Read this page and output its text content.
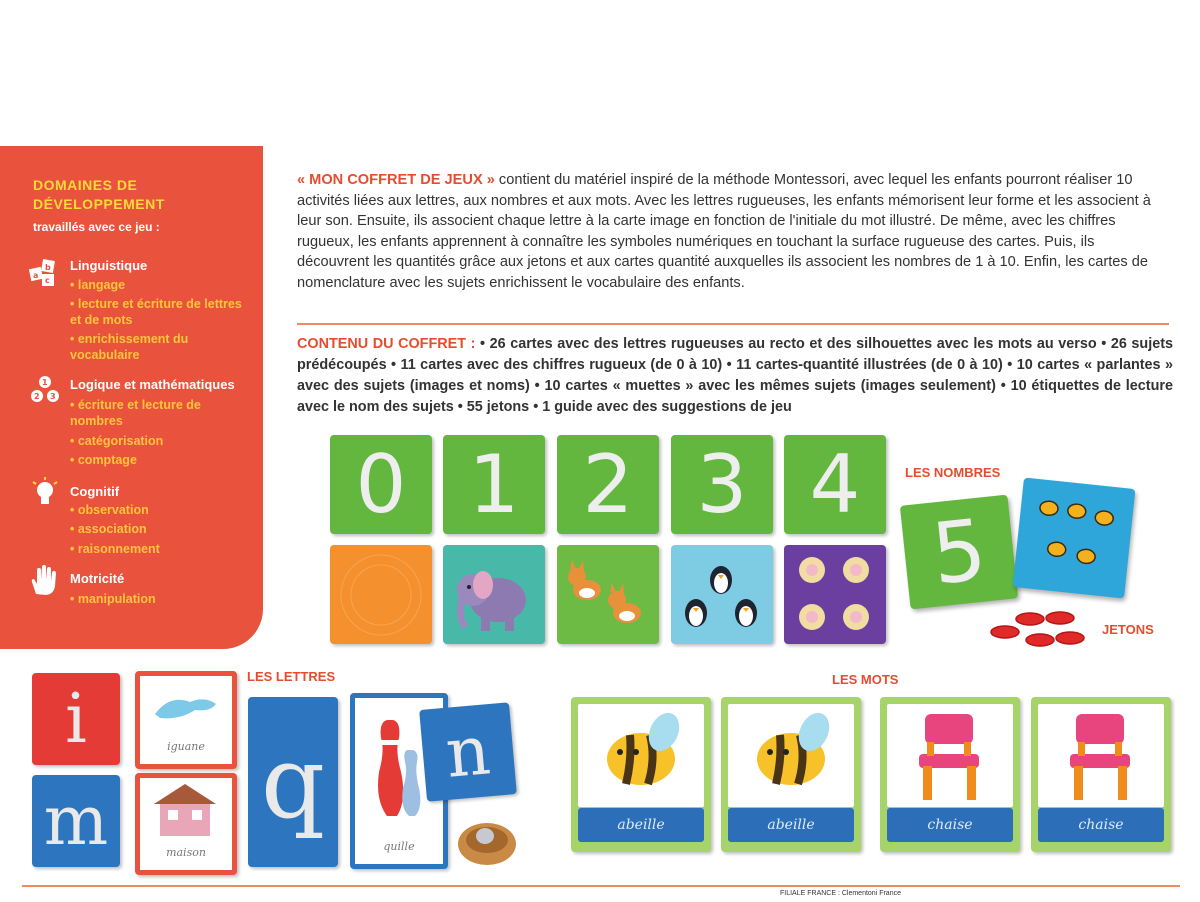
DOMAINES DE
DÉVELOPPEMENT
travaillés avec ce jeu :
a
b
c
Linguistique
• langage
• lecture et écriture de lettres et de mots
• enrichissement du vocabulaire
1
2 3
Logique et mathématiques
• écriture et lecture de nombres
• catégorisation
• comptage
Cognitif
• observation
• association
• raisonnement
Motricité
• manipulation
« MON COFFRET DE JEUX » contient du matériel inspiré de la méthode Montessori, avec lequel les enfants pourront réaliser 10 activités liées aux lettres, aux nombres et aux mots. Avec les lettres rugueuses, les enfants mémorisent leur forme et les associent à leur son. Ensuite, ils associent chaque lettre à la carte image en fonction de l'initiale du mot illustré. De même, avec les chiffres rugueux, les enfants apprennent à connaître les symboles numériques en touchant la surface rugueuse des cartes. Puis, ils découvrent les quantités grâce aux jetons et aux cartes quantité auxquelles ils associent les nombres de 1 à 10. Enfin, les cartes de nomenclature avec les sujets enrichissent le vocabulaire des enfants.
CONTENU DU COFFRET : • 26 cartes avec des lettres rugueuses au recto et des silhouettes avec les mots au verso • 26 sujets prédécoupés • 11 cartes avec des chiffres rugueux (de 0 à 10) • 11 cartes-quantité illustrées (de 0 à 10) • 10 cartes « parlantes » avec des sujets (images et noms) • 10 cartes « muettes » avec les mêmes sujets (images seulement) • 10 étiquettes de lecture avec le nom des sujets • 55 jetons • 1 guide avec des suggestions de jeu
0 1 2 3 4	LES NOMBRES
5
JETONS
i	iguane
m	maison
LES LETTRES
q
quille
n
LES MOTS
abeille	abeille	chaise	chaise
FILIALE FRANCE : Clementoni France
